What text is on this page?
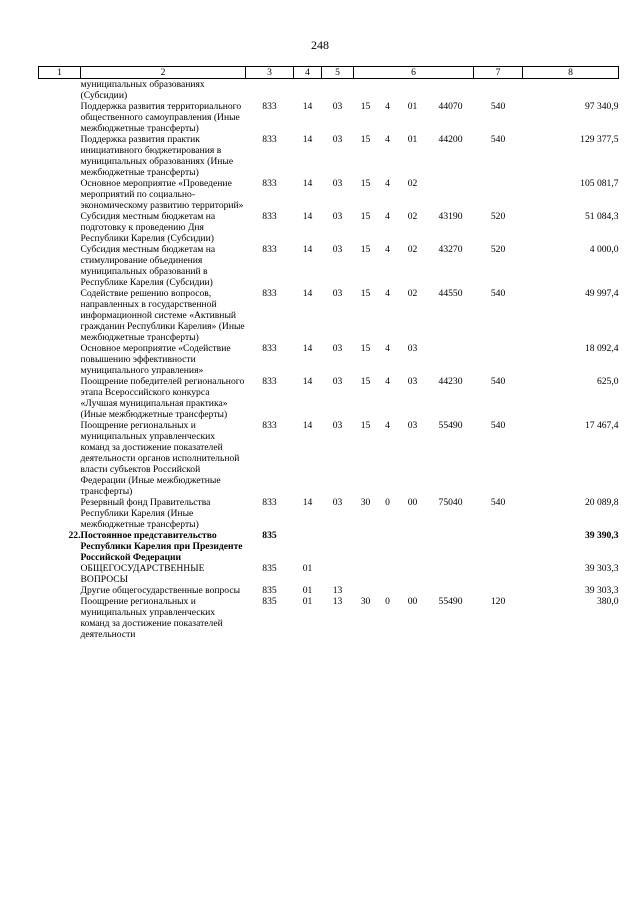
248
1	2	3	4	5	6				7	8
	муниципальных образованиях (Субсидии)									
	Поддержка развития территориального общественного самоуправления (Иные межбюджетные трансферты)	833	14	03	15	4	01	44070	540	97 340,9
	Поддержка развития практик инициативного бюджетирования в муниципальных образованиях (Иные межбюджетные трансферты)	833	14	03	15	4	01	44200	540	129 377,5
	Основное мероприятие «Проведение мероприятий по социально-экономическому развитию территорий»	833	14	03	15	4	02			105 081,7
	Субсидия местным бюджетам на подготовку к проведению Дня Республики Карелия (Субсидии)	833	14	03	15	4	02	43190	520	51 084,3
	Субсидия местным бюджетам на стимулирование объединения муниципальных образований в Республике Карелия (Субсидии)	833	14	03	15	4	02	43270	520	4 000,0
	Содействие решению вопросов, направленных в государственной информационной системе «Активный гражданин Республики Карелия» (Иные межбюджетные трансферты)	833	14	03	15	4	02	44550	540	49 997,4
	Основное мероприятие «Содействие повышению эффективности муниципального управления»	833	14	03	15	4	03			18 092,4
	Поощрение победителей регионального этапа Всероссийского конкурса «Лучшая муниципальная практика» (Иные межбюджетные трансферты)	833	14	03	15	4	03	44230	540	625,0
	Поощрение региональных и муниципальных управленческих команд за достижение показателей деятельности органов исполнительной власти субъектов Российской Федерации (Иные межбюджетные трансферты)	833	14	03	15	4	03	55490	540	17 467,4
	Резервный фонд Правительства Республики Карелия (Иные межбюджетные трансферты)	833	14	03	30	0	00	75040	540	20 089,8
22.	Постоянное представительство Республики Карелия при Президенте Российской Федерации	835								39 390,3
	ОБЩЕГОСУДАРСТВЕННЫЕ ВОПРОСЫ	835	01							39 303,3
	Другие общегосударственные вопросы	835	01	13						39 303,3
	Поощрение региональных и муниципальных управленческих команд за достижение показателей деятельности	835	01	13	30	0	00	55490	120	380,0
